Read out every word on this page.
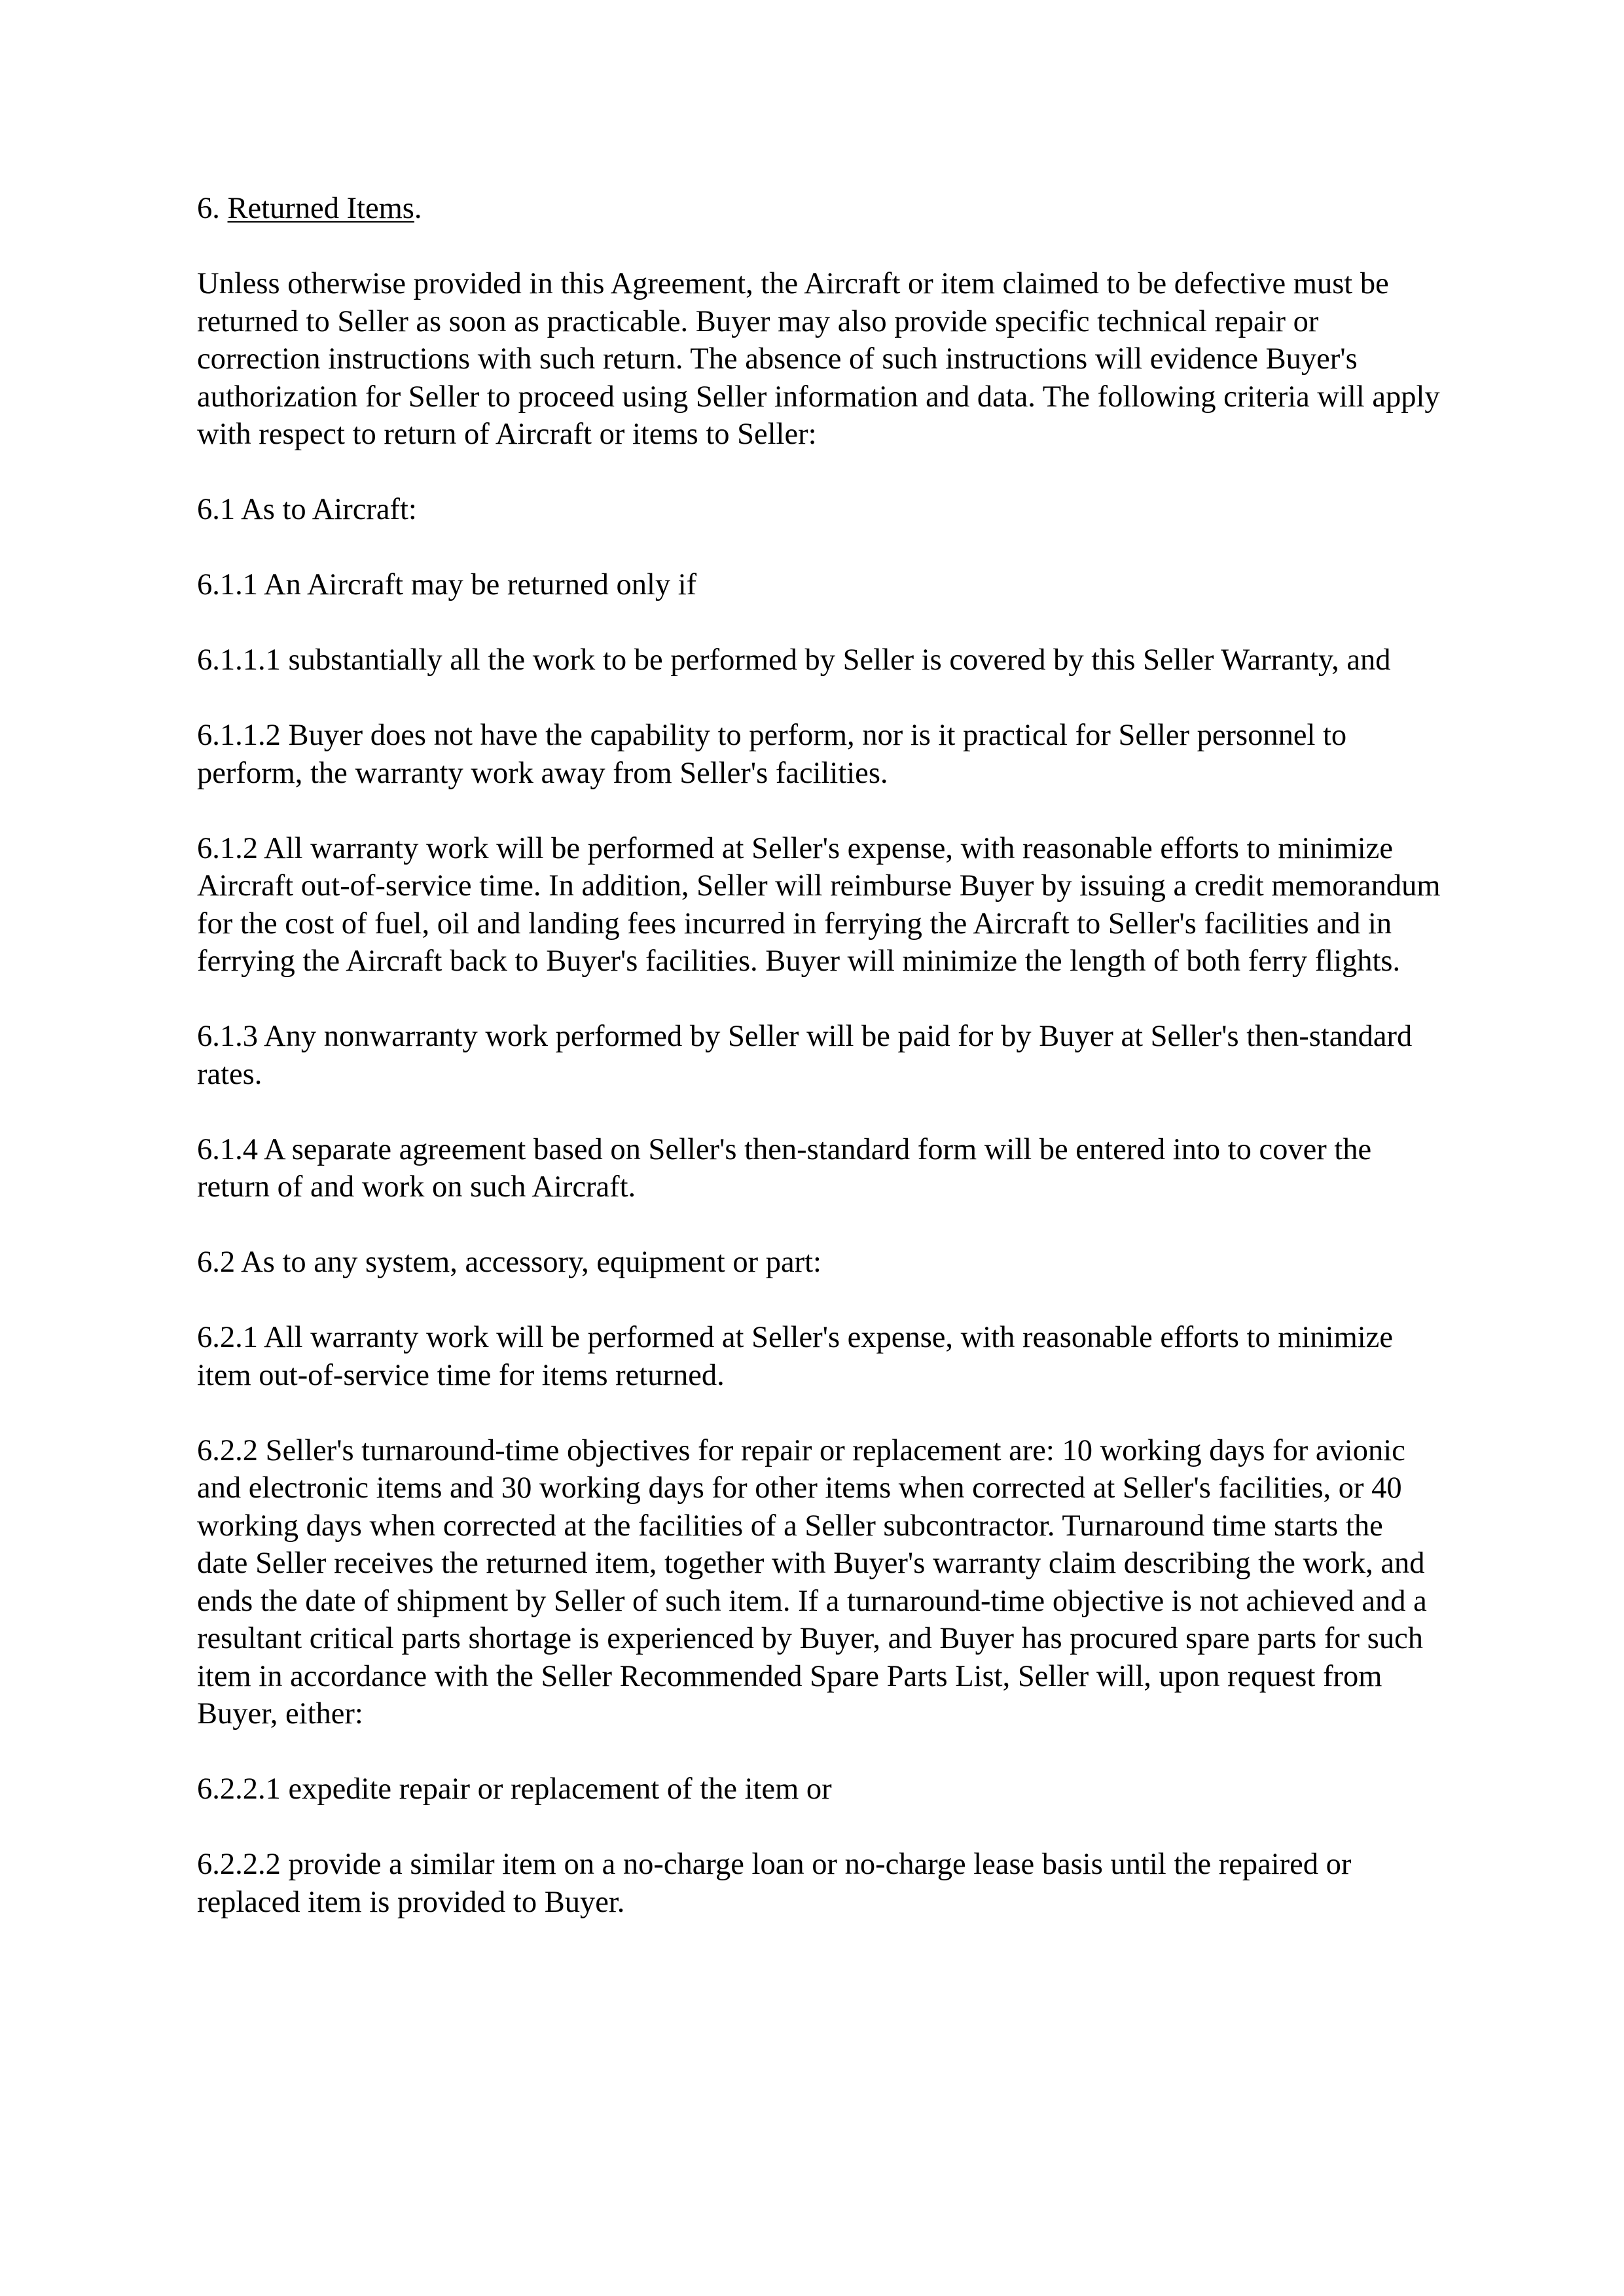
6. Returned Items.

Unless otherwise provided in this Agreement, the Aircraft or item claimed to be defective must be returned to Seller as soon as practicable. Buyer may also provide specific technical repair or correction instructions with such return. The absence of such instructions will evidence Buyer's authorization for Seller to proceed using Seller information and data. The following criteria will apply with respect to return of Aircraft or items to Seller:

6.1 As to Aircraft:

6.1.1 An Aircraft may be returned only if

6.1.1.1 substantially all the work to be performed by Seller is covered by this Seller Warranty, and

6.1.1.2 Buyer does not have the capability to perform, nor is it practical for Seller personnel to perform, the warranty work away from Seller's facilities.

6.1.2 All warranty work will be performed at Seller's expense, with reasonable efforts to minimize Aircraft out-of-service time. In addition, Seller will reimburse Buyer by issuing a credit memorandum for the cost of fuel, oil and landing fees incurred in ferrying the Aircraft to Seller's facilities and in ferrying the Aircraft back to Buyer's facilities. Buyer will minimize the length of both ferry flights.

6.1.3 Any nonwarranty work performed by Seller will be paid for by Buyer at Seller's then-standard rates.

6.1.4 A separate agreement based on Seller's then-standard form will be entered into to cover the return of and work on such Aircraft.

6.2 As to any system, accessory, equipment or part:

6.2.1 All warranty work will be performed at Seller's expense, with reasonable efforts to minimize item out-of-service time for items returned.

6.2.2 Seller's turnaround-time objectives for repair or replacement are: 10 working days for avionic and electronic items and 30 working days for other items when corrected at Seller's facilities, or 40 working days when corrected at the facilities of a Seller subcontractor. Turnaround time starts the date Seller receives the returned item, together with Buyer's warranty claim describing the work, and ends the date of shipment by Seller of such item. If a turnaround-time objective is not achieved and a resultant critical parts shortage is experienced by Buyer, and Buyer has procured spare parts for such item in accordance with the Seller Recommended Spare Parts List, Seller will, upon request from Buyer, either:

6.2.2.1 expedite repair or replacement of the item or

6.2.2.2 provide a similar item on a no-charge loan or no-charge lease basis until the repaired or replaced item is provided to Buyer.
